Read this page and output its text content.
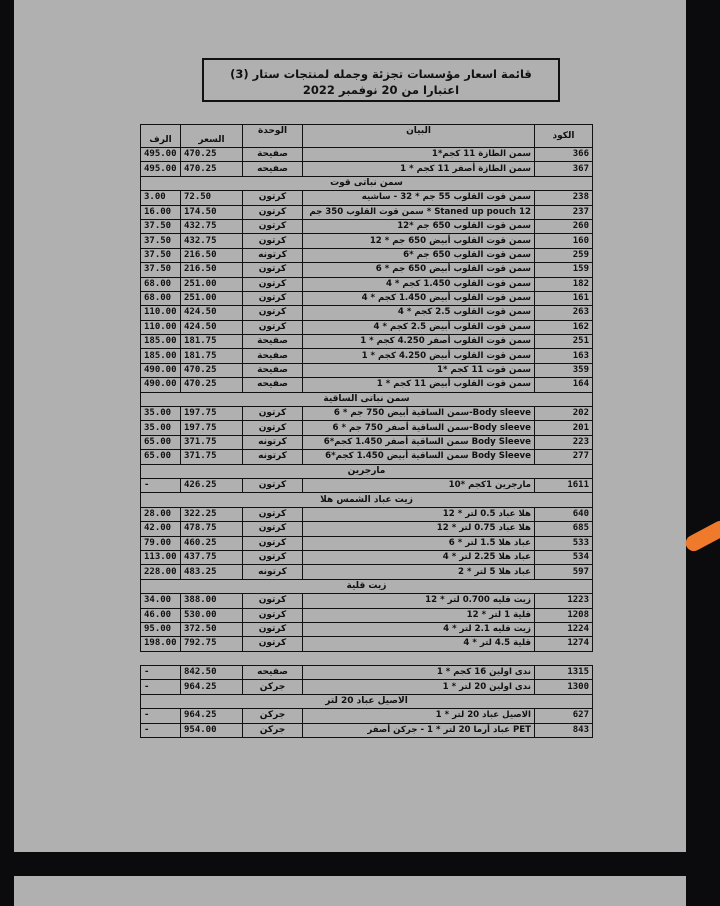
قائمة اسعار مؤسسات تجزئة وجمله لمنتجات ستار (3)
اعتبارا من 20 نوفمبر 2022
الرف	السعر	الوحدة	البيان	الكود
495.00	470.25	صفيحة	سمن الطازة 11 كجم*1	366
495.00	470.25	صفيحه	سمن الطازة أصفر 11 كجم * 1	367
سمن نباتى قوت				
3.00	72.50	كرتون	سمن قوت القلوب 55 جم * 32 - ساشيه	238
16.00	174.50	كرتون	Staned up pouch 12 * سمن قوت القلوب 350 جم	237
37.50	432.75	كرتون	سمن قوت القلوب 650 جم *12	260
37.50	432.75	كرتون	سمن قوت القلوب أبيض 650 جم * 12	160
37.50	216.50	كرتونه	سمن قوت القلوب 650 جم *6	259
37.50	216.50	كرتون	سمن قوت القلوب أبيض 650 جم * 6	159
68.00	251.00	كرتون	سمن قوت القلوب 1.450 كجم * 4	182
68.00	251.00	كرتون	سمن قوت القلوب أبيض 1.450 كجم * 4	161
110.00	424.50	كرتون	سمن قوت القلوب 2.5 كجم * 4	263
110.00	424.50	كرتون	سمن قوت القلوب أبيض 2.5 كجم * 4	162
185.00	181.75	صفيحة	سمن قوت القلوب أصفر 4.250 كجم * 1	251
185.00	181.75	صفيحة	سمن قوت القلوب أبيض 4.250 كجم * 1	163
490.00	470.25	صفيحة	سمن قوت 11 كجم *1	359
490.00	470.25	صفيحه	سمن قوت القلوب أبيض 11 كجم * 1	164
سمن نباتى الساقية				
35.00	197.75	كرتون	Body sleeve-سمن الساقية أبيض 750 جم * 6	202
35.00	197.75	كرتون	Body sleeve-سمن الساقية أصفر 750 جم * 6	201
65.00	371.75	كرتونه	Body Sleeve سمن الساقية أصفر 1.450 كجم*6	223
65.00	371.75	كرتونه	Body Sleeve سمن الساقية أبيض 1.450 كجم*6	277
مارجرين				
-	426.25	كرتون	مارجرين 1كجم *10	1611
زيت عباد الشمس هلا				
28.00	322.25	كرتون	هلا عباد 0.5 لتر * 12	640
42.00	478.75	كرتون	هلا عباد 0.75 لتر * 12	685
79.00	460.25	كرتون	عباد هلا 1.5 لتر * 6	533
113.00	437.75	كرتون	عباد هلا 2.25 لتر * 4	534
228.00	483.25	كرتونه	عباد هلا 5 لتر * 2	597
زيت قلية				
34.00	388.00	كرتون	زيت قليه 0.700 لتر * 12	1223
46.00	530.00	كرتون	قلية 1 لتر * 12	1208
95.00	372.50	كرتون	زيت قليه 2.1 لتر * 4	1224
198.00	792.75	كرتون	قلية 4.5 لتر * 4	1274

-	842.50	صفيحه	ندى اولين 16 كجم * 1	1315
-	964.25	جركن	ندى اولين 20 لتر * 1	1300
الاصيل عباد 20 لتر				
-	964.25	جركن	الاصيل عباد 20 لتر * 1	627
-	954.00	جركن	PET عباد أرما 20 لتر * 1 - جركن أصفر	843
